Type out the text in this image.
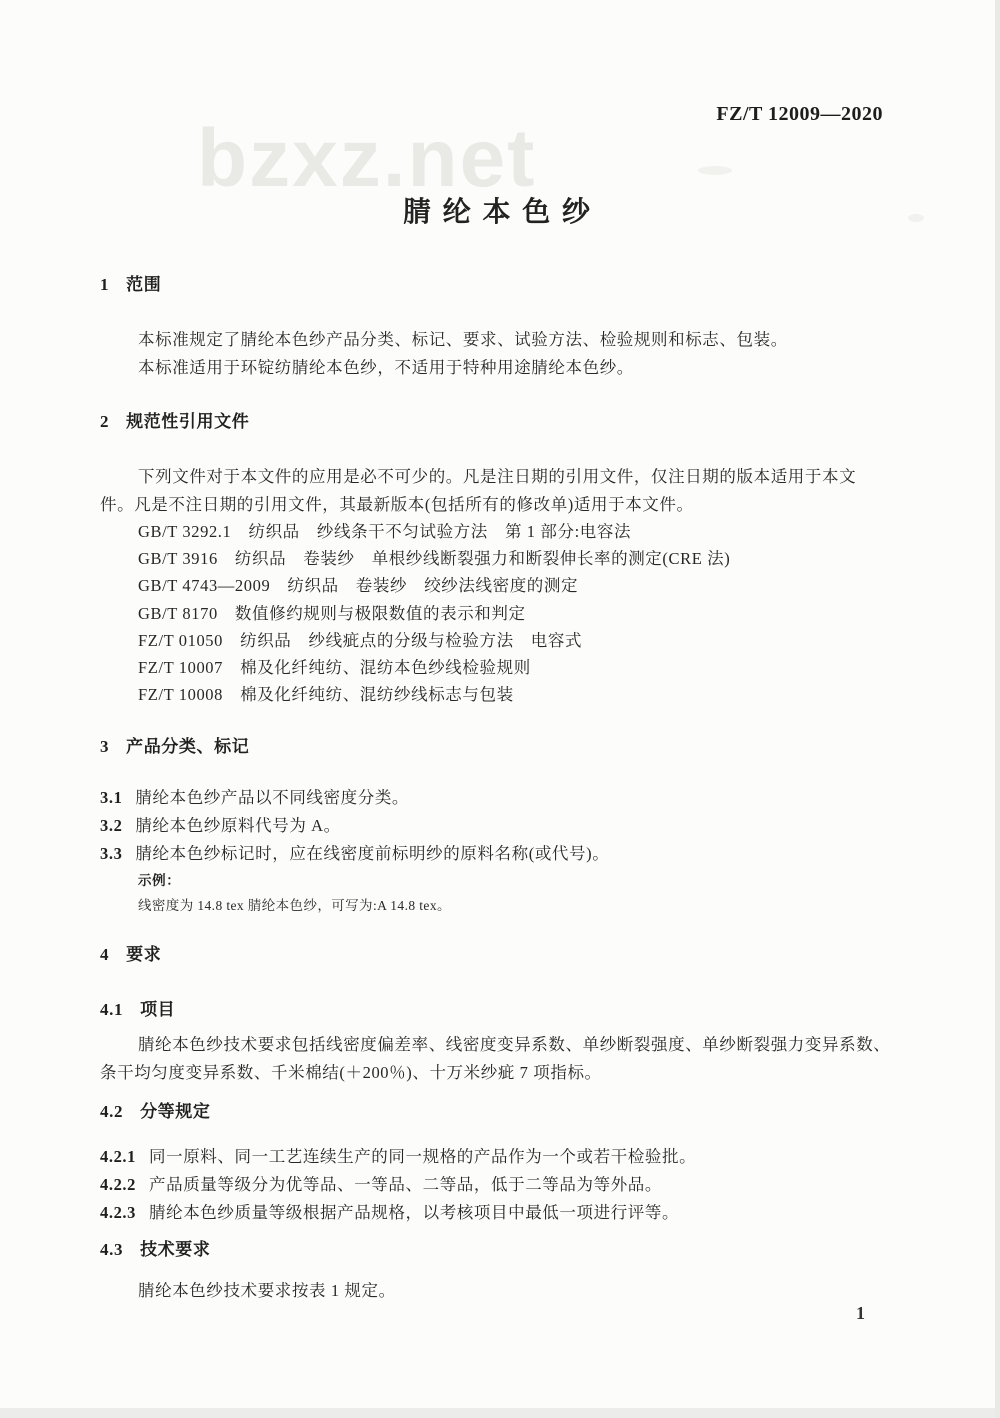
FZ/T 12009—2020
bzxz.net
腈 纶 本 色 纱
1 范围
本标准规定了腈纶本色纱产品分类、标记、要求、试验方法、检验规则和标志、包装。
本标准适用于环锭纺腈纶本色纱，不适用于特种用途腈纶本色纱。
2 规范性引用文件
下列文件对于本文件的应用是必不可少的。凡是注日期的引用文件，仅注日期的版本适用于本文
件。凡是不注日期的引用文件，其最新版本(包括所有的修改单)适用于本文件。
GB/T 3292.1　纺织品　纱线条干不匀试验方法　第 1 部分:电容法
GB/T 3916　纺织品　卷装纱　单根纱线断裂强力和断裂伸长率的测定(CRE 法)
GB/T 4743—2009　纺织品　卷装纱　绞纱法线密度的测定
GB/T 8170　数值修约规则与极限数值的表示和判定
FZ/T 01050　纺织品　纱线疵点的分级与检验方法　电容式
FZ/T 10007　棉及化纤纯纺、混纺本色纱线检验规则
FZ/T 10008　棉及化纤纯纺、混纺纱线标志与包装
3 产品分类、标记
3.1 腈纶本色纱产品以不同线密度分类。
3.2 腈纶本色纱原料代号为 A。
3.3 腈纶本色纱标记时，应在线密度前标明纱的原料名称(或代号)。
示例：
线密度为 14.8 tex 腈纶本色纱，可写为:A 14.8 tex。
4 要求
4.1 项目
腈纶本色纱技术要求包括线密度偏差率、线密度变异系数、单纱断裂强度、单纱断裂强力变异系数、
条干均匀度变异系数、千米棉结(＋200％)、十万米纱疵 7 项指标。
4.2 分等规定
4.2.1 同一原料、同一工艺连续生产的同一规格的产品作为一个或若干检验批。
4.2.2 产品质量等级分为优等品、一等品、二等品，低于二等品为等外品。
4.2.3 腈纶本色纱质量等级根据产品规格，以考核项目中最低一项进行评等。
4.3 技术要求
腈纶本色纱技术要求按表 1 规定。
1
